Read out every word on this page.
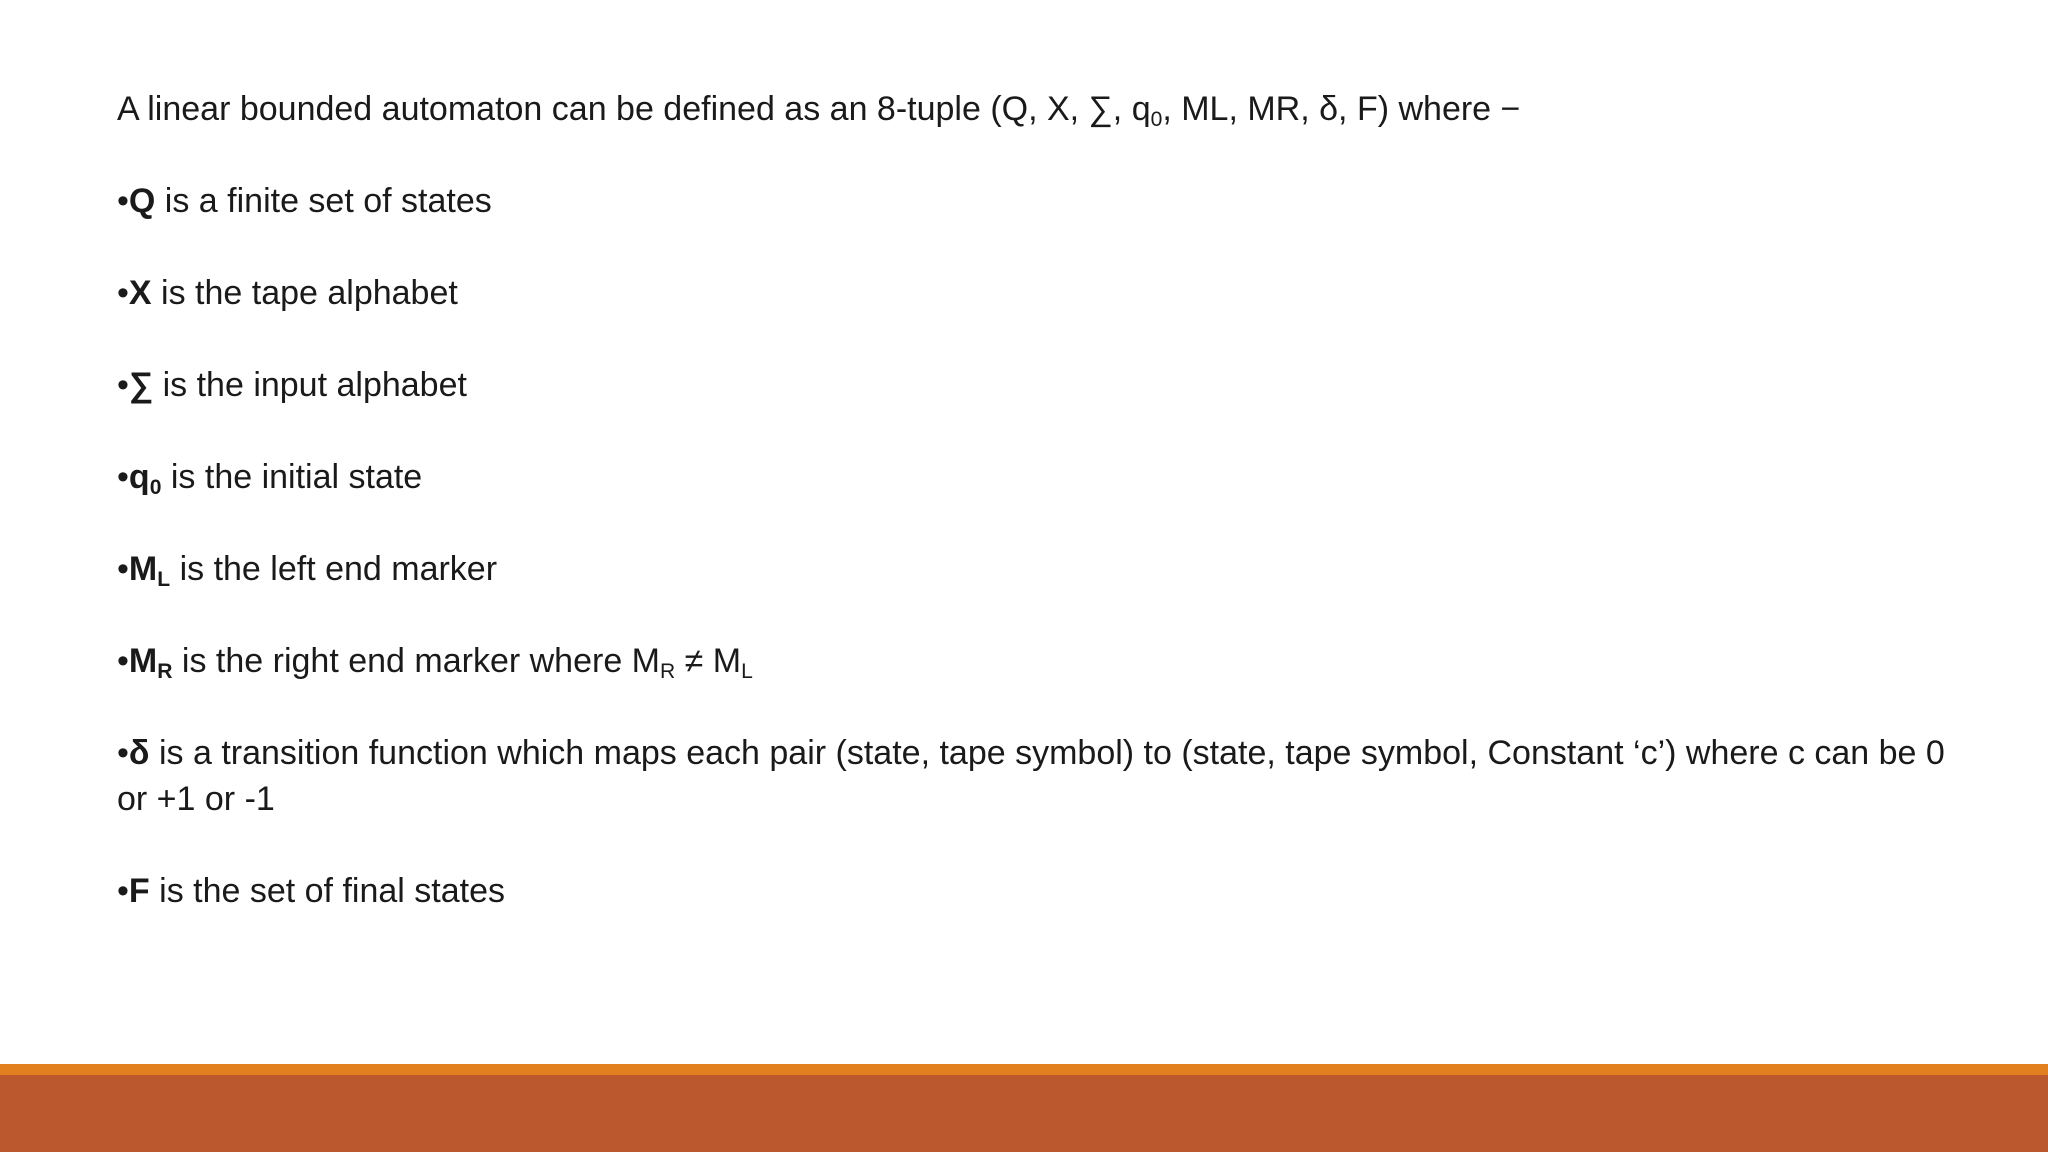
A linear bounded automaton can be defined as an 8-tuple (Q, X, ∑, $q_0$, ML, MR, δ, F) where −
•Q is a finite set of states
•X is the tape alphabet
•∑ is the input alphabet
$•q_0$ is the initial state
$•M_L$ is the left end marker
$•M_R$ is the right end marker where $M_R \ne M_L$
•δ is a transition function which maps each pair (state, tape symbol) to (state, tape symbol, Constant ‘c’) where c can be 0 or +1 or -1
•F is the set of final states
